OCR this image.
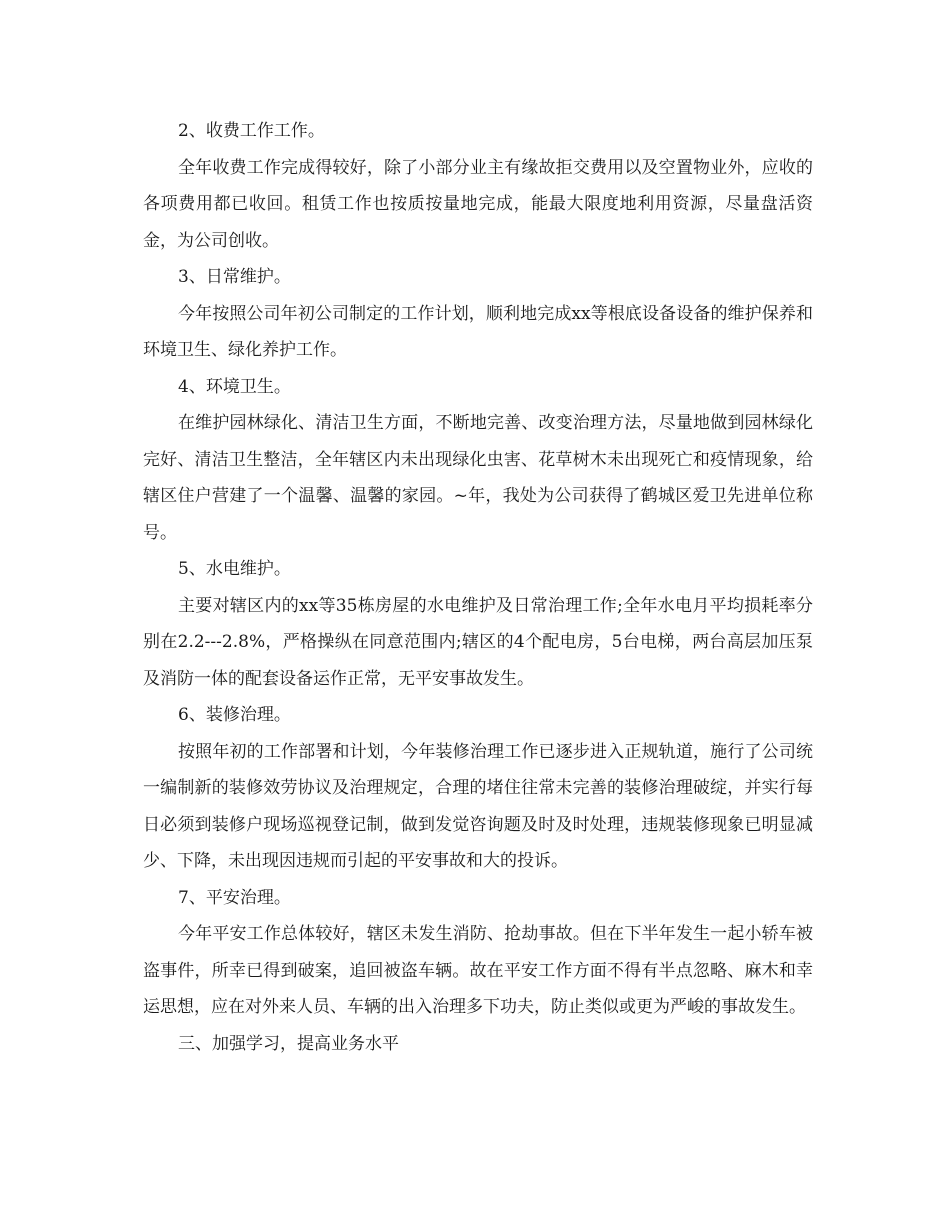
2、收费工作工作。

全年收费工作完成得较好，除了小部分业主有缘故拒交费用以及空置物业外，应收的各项费用都已收回。租赁工作也按质按量地完成，能最大限度地利用资源，尽量盘活资金，为公司创收。

3、日常维护。

今年按照公司年初公司制定的工作计划，顺利地完成xx等根底设备设备的维护保养和环境卫生、绿化养护工作。

4、环境卫生。

在维护园林绿化、清洁卫生方面，不断地完善、改变治理方法，尽量地做到园林绿化完好、清洁卫生整洁，全年辖区内未出现绿化虫害、花草树木未出现死亡和疫情现象，给辖区住户营建了一个温馨、温馨的家园。~年，我处为公司获得了鹤城区爱卫先进单位称号。

5、水电维护。

主要对辖区内的xx等35栋房屋的水电维护及日常治理工作;全年水电月平均损耗率分别在2.2---2.8%，严格操纵在同意范围内;辖区的4个配电房，5台电梯，两台高层加压泵及消防一体的配套设备运作正常，无平安事故发生。

6、装修治理。

按照年初的工作部署和计划，今年装修治理工作已逐步进入正规轨道，施行了公司统一编制新的装修效劳协议及治理规定，合理的堵住往常未完善的装修治理破绽，并实行每日必须到装修户现场巡视登记制，做到发觉咨询题及时及时处理，违规装修现象已明显减少、下降，未出现因违规而引起的平安事故和大的投诉。

7、平安治理。

今年平安工作总体较好，辖区未发生消防、抢劫事故。但在下半年发生一起小轿车被盗事件，所幸已得到破案，追回被盗车辆。故在平安工作方面不得有半点忽略、麻木和幸运思想，应在对外来人员、车辆的出入治理多下功夫，防止类似或更为严峻的事故发生。

三、加强学习，提高业务水平
